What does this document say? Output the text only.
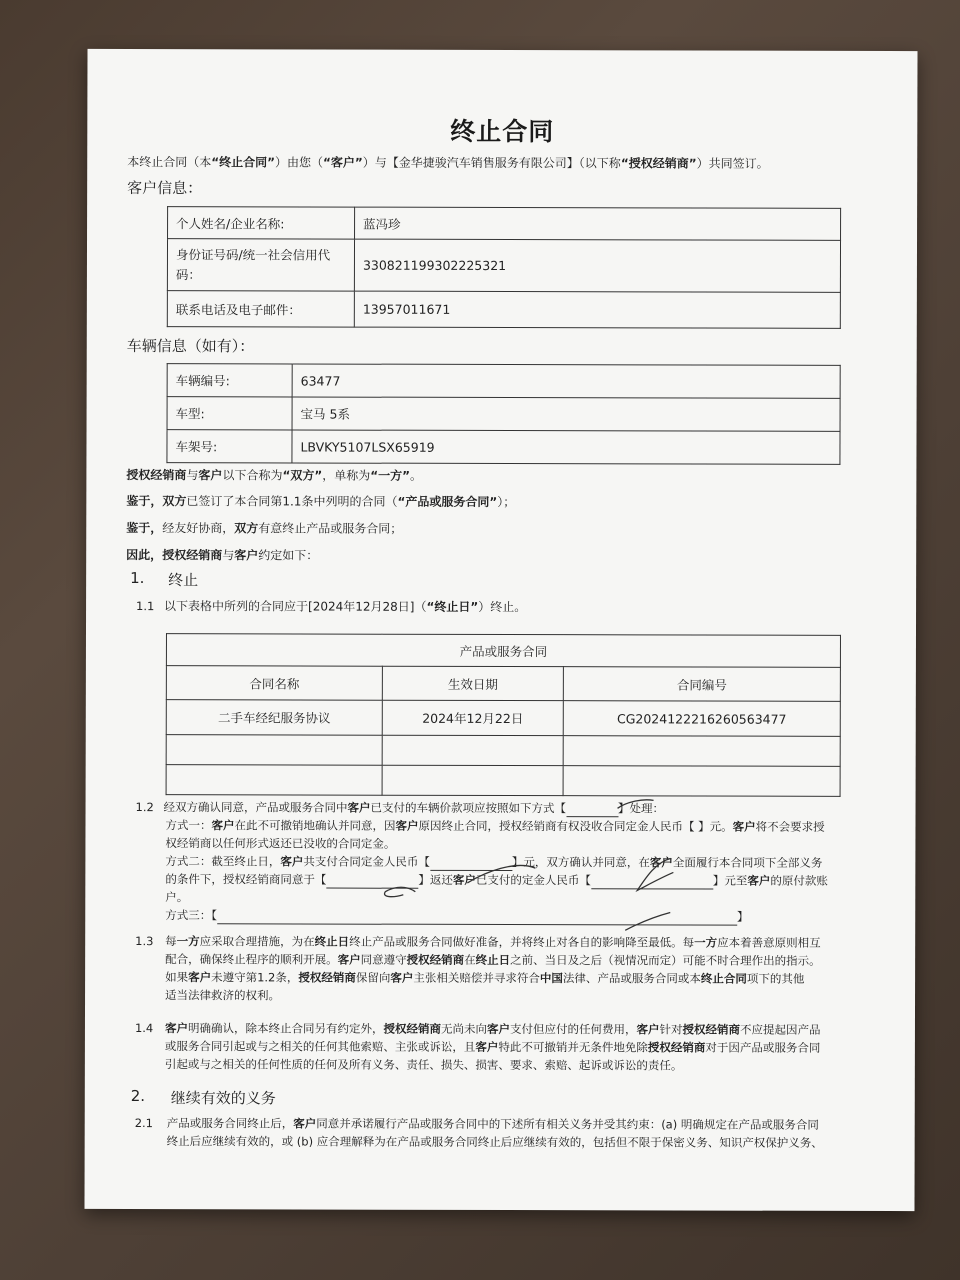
终止合同
本终止合同（本“终止合同”）由您（“客户”）与【金华捷骏汽车销售服务有限公司】（以下称“授权经销商”）共同签订。
客户信息：
个人姓名/企业名称:	蓝冯珍
身份证号码/统一社会信用代码：	330821199302225321
联系电话及电子邮件：	13957011671
车辆信息（如有）：
车辆编号:	63477
车型:	宝马 5系
车架号:	LBVKY5107LSX65919
授权经销商与客户以下合称为“双方”，单称为“一方”。
鉴于，双方已签订了本合同第1.1条中列明的合同（“产品或服务合同”）；
鉴于，经友好协商，双方有意终止产品或服务合同；
因此，授权经销商与客户约定如下：
1. 终止
1.1 以下表格中所列的合同应于[2024年12月28日]（“终止日”）终止。
产品或服务合同		
合同名称	生效日期	合同编号
二手车经纪服务协议	2024年12月22日	CG2024122216260563477

1.2 经双方确认同意，产品或服务合同中客户已支付的车辆价款项应按照如下方式【	】处理：
方式一：客户在此不可撤销地确认并同意，因客户原因终止合同，授权经销商有权没收合同定金人民币【 】元。客户将不会要求授
权经销商以任何形式返还已没收的合同定金。
方式二：截至终止日，客户共支付合同定金人民币【	】元，双方确认并同意，在客户全面履行本合同项下全部义务
的条件下，授权经销商同意于【	】返还客户已支付的定金人民币【	】元至客户的原付款账
户。
方式三：【	】
1.3 每一方应采取合理措施，为在终止日终止产品或服务合同做好准备，并将终止对各自的影响降至最低。每一方应本着善意原则相互
配合，确保终止程序的顺利开展。客户同意遵守授权经销商在终止日之前、当日及之后（视情况而定）可能不时合理作出的指示。
如果客户未遵守第1.2条，授权经销商保留向客户主张相关赔偿并寻求符合中国法律、产品或服务合同或本终止合同项下的其他
适当法律救济的权利。
1.4 客户明确确认，除本终止合同另有约定外，授权经销商无尚未向客户支付但应付的任何费用，客户针对授权经销商不应提起因产品
或服务合同引起或与之相关的任何其他索赔、主张或诉讼，且客户特此不可撤销并无条件地免除授权经销商对于因产品或服务合同
引起或与之相关的任何性质的任何及所有义务、责任、损失、损害、要求、索赔、起诉或诉讼的责任。
2. 继续有效的义务
2.1 产品或服务合同终止后，客户同意并承诺履行产品或服务合同中的下述所有相关义务并受其约束：(a) 明确规定在产品或服务合同
终止后应继续有效的，或 (b) 应合理解释为在产品或服务合同终止后应继续有效的，包括但不限于保密义务、知识产权保护义务、
